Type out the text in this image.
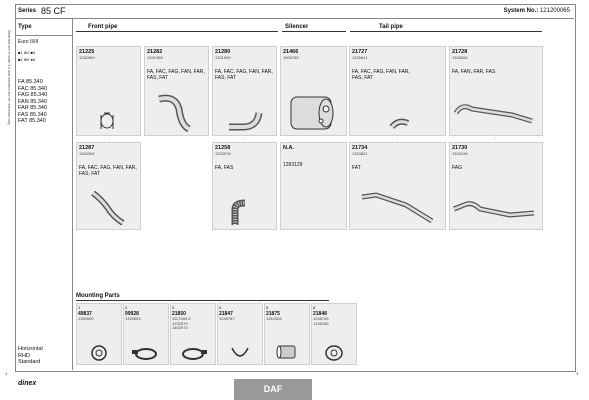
Series 85 CF	System No.: 121200065
Type
Euro II/III
■1 ⊗2 ■3
■4 ⊗5 ●6
FA 85.340
FAC 85.340
FAG 85.340
FAN 85.340
FAR 85.340
FAS 85.340
FAT 85.340
Horizontal
RHD
Standard
Sketches are in scale 1:n and numbers are for reference only
Front pipe	Silencer	Tail pipe
21225
1282969
21282
1331958
FA, FAC, FAG, FAN, FAR, FAS, FAT
21280
1331959
FA, FAC, FAG, FAN, FAR, FAS, FAT
21466
1905789
21727
1339641
FA, FAC, FAG, FAN, FAR, FAS, FAT
21728
1333654
FA, FAN, FAR, FAS
21287
1334264
FA, FAC, FAG, FAN, FAR, FAS, FAT
21258
1333978
FA, FAS
N.A.
1393129
21734
1334821
FAT
21730
1334196
FAG
⋮	⋮	⋮	⋮
Mounting Parts
1
49837
1392600
2
99928
1320653
3
21850
1117289-3
1232579
1402973
4
21847
1249787
5
21875
1310328
6
21848
1248765
1436185
1	1
dinex
DAF
